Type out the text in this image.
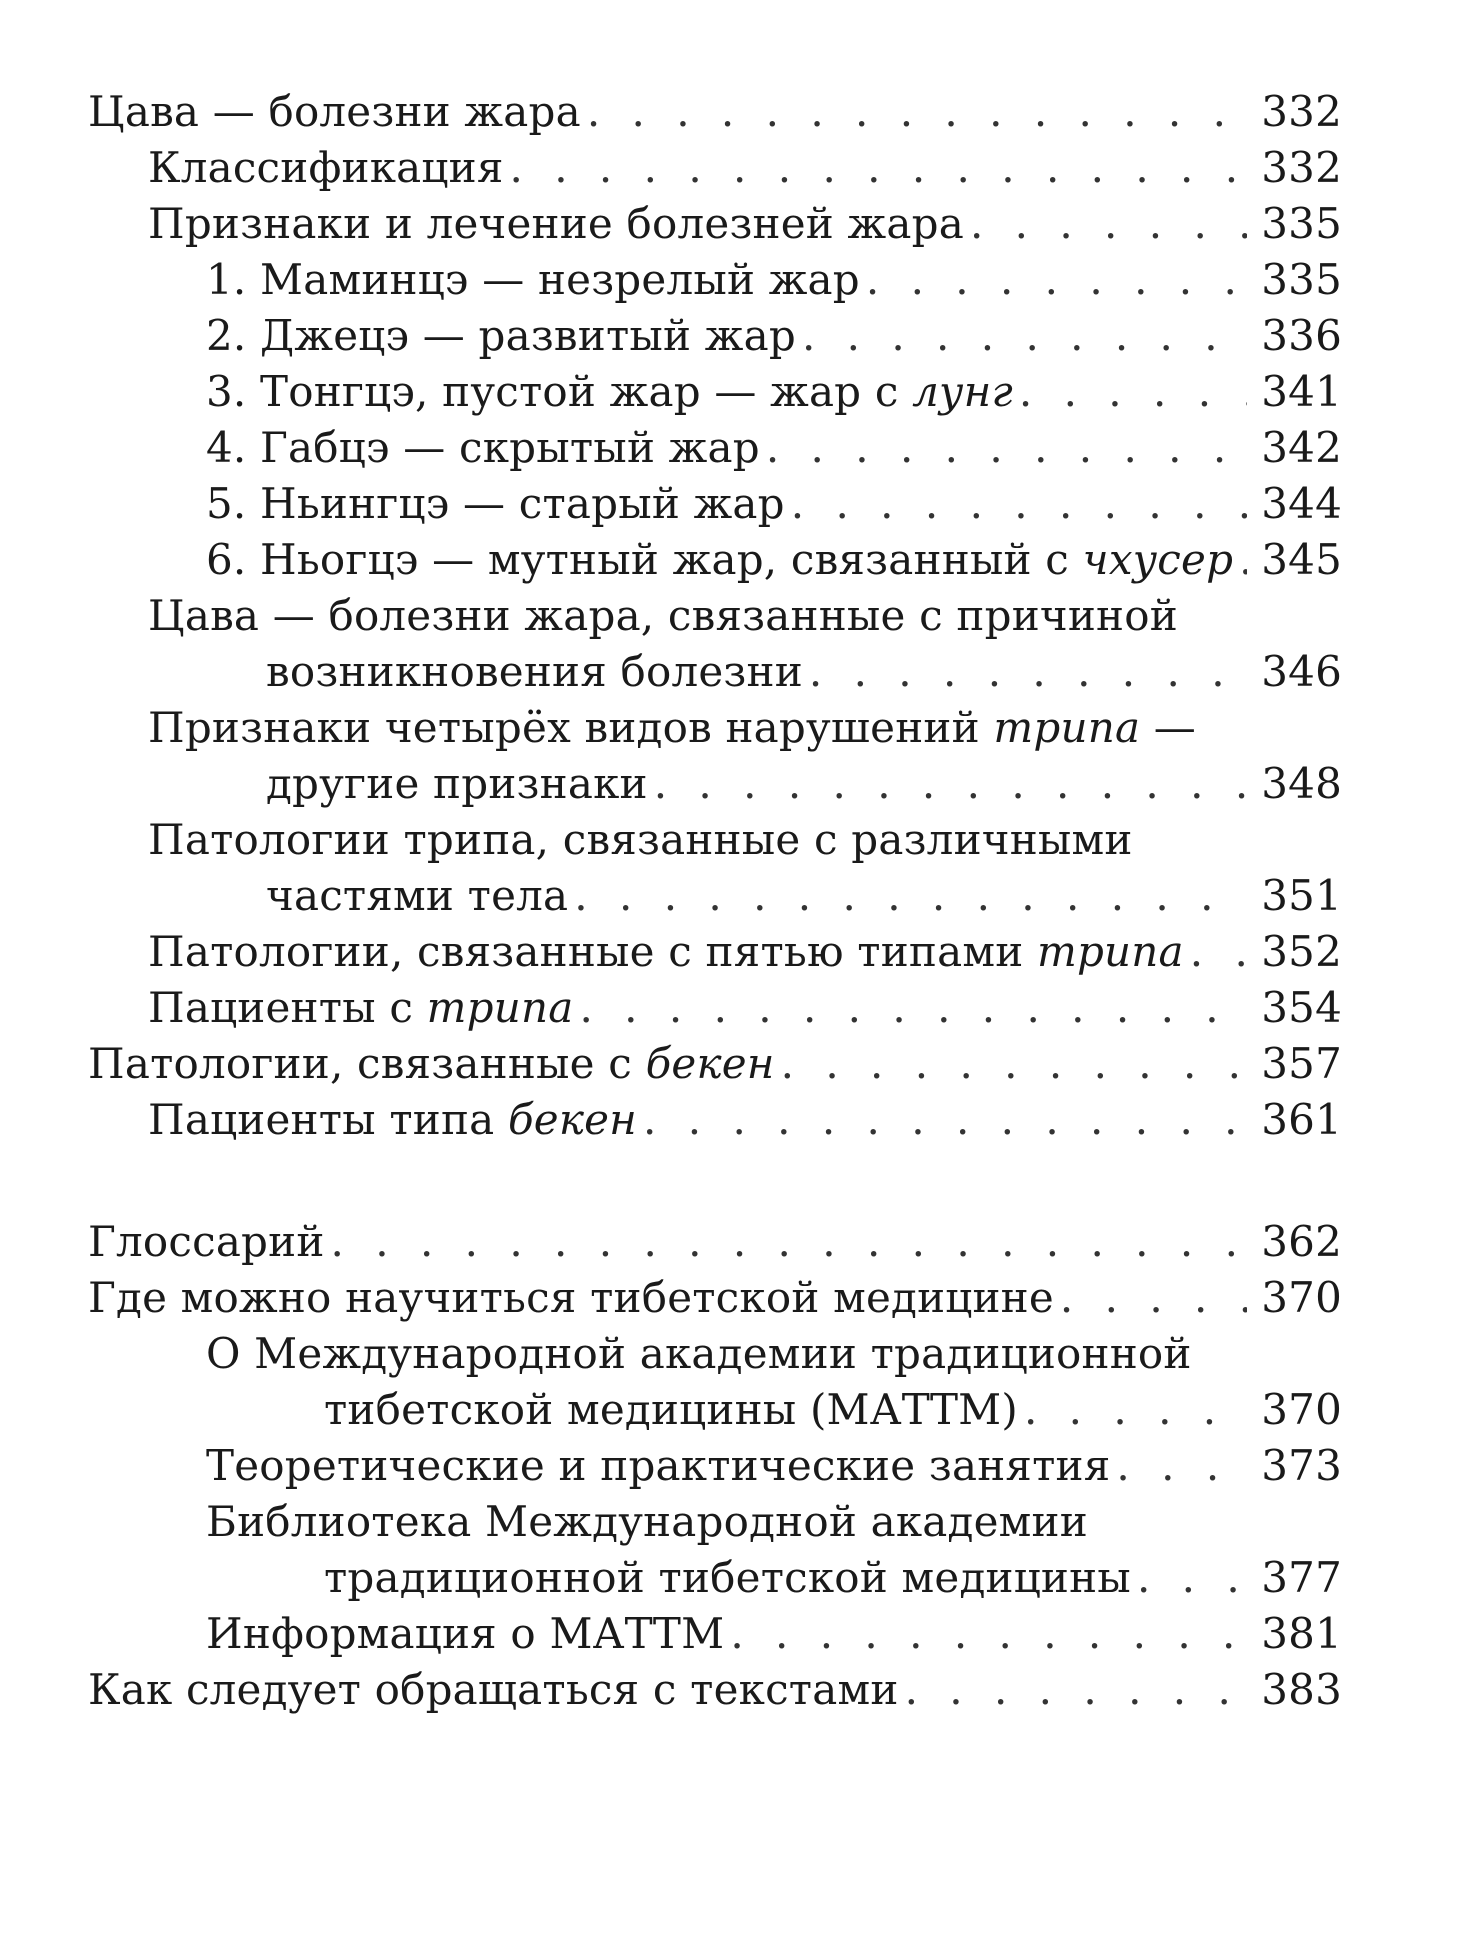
Цава — болезни жара . . .	332
Классификация . . .	332
Признаки и лечение болезней жара . . .	335
1. Маминцэ — незрелый жар . . .	335
2. Джецэ — развитый жар . . .	336
3. Тонгцэ, пустой жар — жар с лунг . . .	341
4. Габцэ — скрытый жар . . .	342
5. Ньингцэ — старый жар . . .	344
6. Ньогцэ — мутный жар, связанный с чхусер . . . 345
Цава — болезни жара, связанные с причиной
возникновения болезни . . .	346
Признаки четырёх видов нарушений трипа —
другие признаки . . .	348
Патологии трипа, связанные с различными
частями тела . . .	351
Патологии, связанные с пятью типами трипа . . . 352
Пациенты с трипа . . .	354
Патологии, связанные с бекен . . .	357
Пациенты типа бекен . . .	361
Глоссарий . . .	362
Где можно научиться тибетской медицине . . .	370
О Международной академии традиционной
тибетской медицины (МАТТМ) . . .	370
Теоретические и практические занятия . . .	373
Библиотека Международной академии
традиционной тибетской медицины . . .	377
Информация о МАТТМ . . .	381
Как следует обращаться с текстами . . .	383
